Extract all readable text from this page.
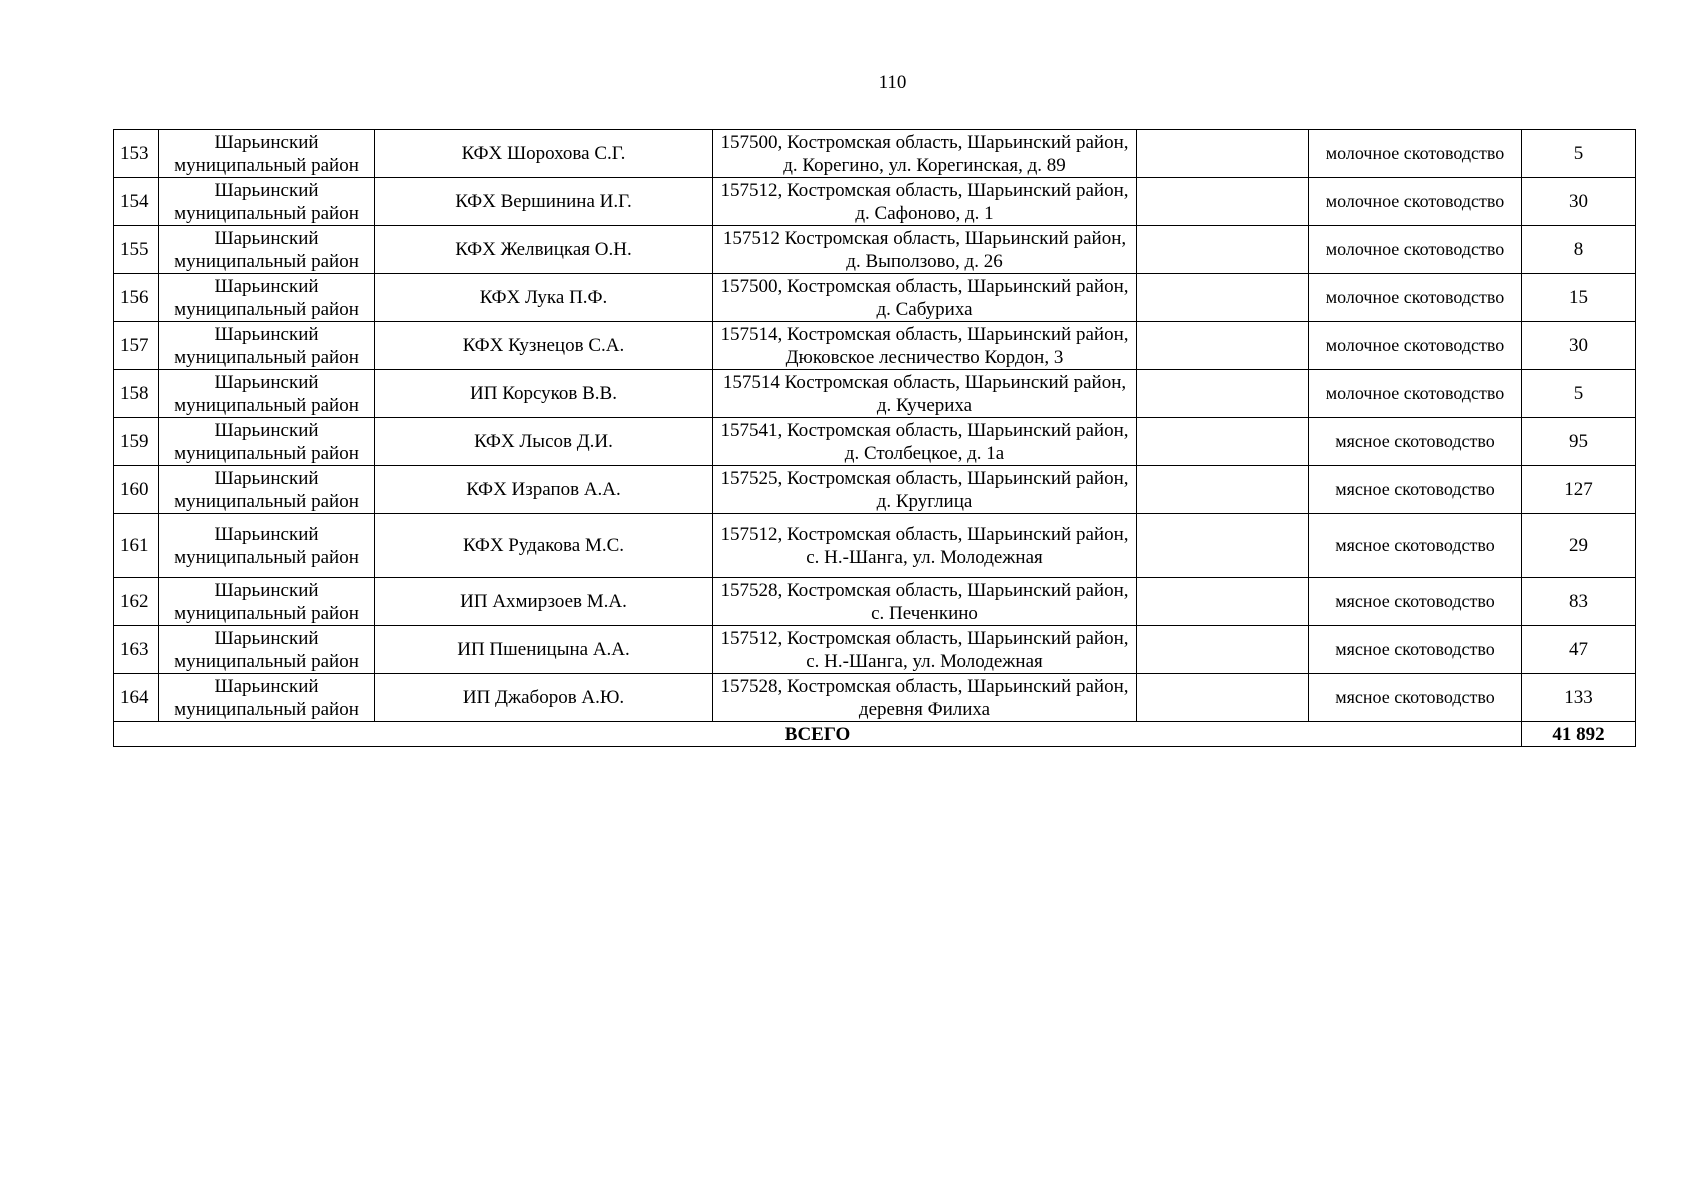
110
153	Шарьинский муниципальный район	КФХ Шорохова С.Г.	157500, Костромская область, Шарьинский район, д. Корегино, ул. Корегинская, д. 89		молочное скотоводство	5
154	Шарьинский муниципальный район	КФХ Вершинина И.Г.	157512, Костромская область, Шарьинский район, д. Сафоново, д. 1		молочное скотоводство	30
155	Шарьинский муниципальный район	КФХ Желвицкая О.Н.	157512 Костромская область, Шарьинский район, д. Выползово, д. 26		молочное скотоводство	8
156	Шарьинский муниципальный район	КФХ Лука П.Ф.	157500, Костромская область, Шарьинский район, д. Сабуриха		молочное скотоводство	15
157	Шарьинский муниципальный район	КФХ Кузнецов С.А.	157514, Костромская область, Шарьинский район, Дюковское лесничество Кордон, 3		молочное скотоводство	30
158	Шарьинский муниципальный район	ИП Корсуков В.В.	157514 Костромская область, Шарьинский район, д. Кучериха		молочное скотоводство	5
159	Шарьинский муниципальный район	КФХ Лысов Д.И.	157541, Костромская область, Шарьинский район, д. Столбецкое, д. 1а		мясное скотоводство	95
160	Шарьинский муниципальный район	КФХ Израпов А.А.	157525, Костромская область, Шарьинский район, д. Круглица		мясное скотоводство	127
161	Шарьинский муниципальный район	КФХ Рудакова М.С.	157512, Костромская область, Шарьинский район, с. Н.-Шанга, ул. Молодежная		мясное скотоводство	29
162	Шарьинский муниципальный район	ИП Ахмирзоев М.А.	157528, Костромская область, Шарьинский район, с. Печенкино		мясное скотоводство	83
163	Шарьинский муниципальный район	ИП Пшеницына А.А.	157512, Костромская область, Шарьинский район, с. Н.-Шанга, ул. Молодежная		мясное скотоводство	47
164	Шарьинский муниципальный район	ИП Джаборов А.Ю.	157528, Костромская область, Шарьинский район, деревня Филиха		мясное скотоводство	133
ВСЕГО						41 892
